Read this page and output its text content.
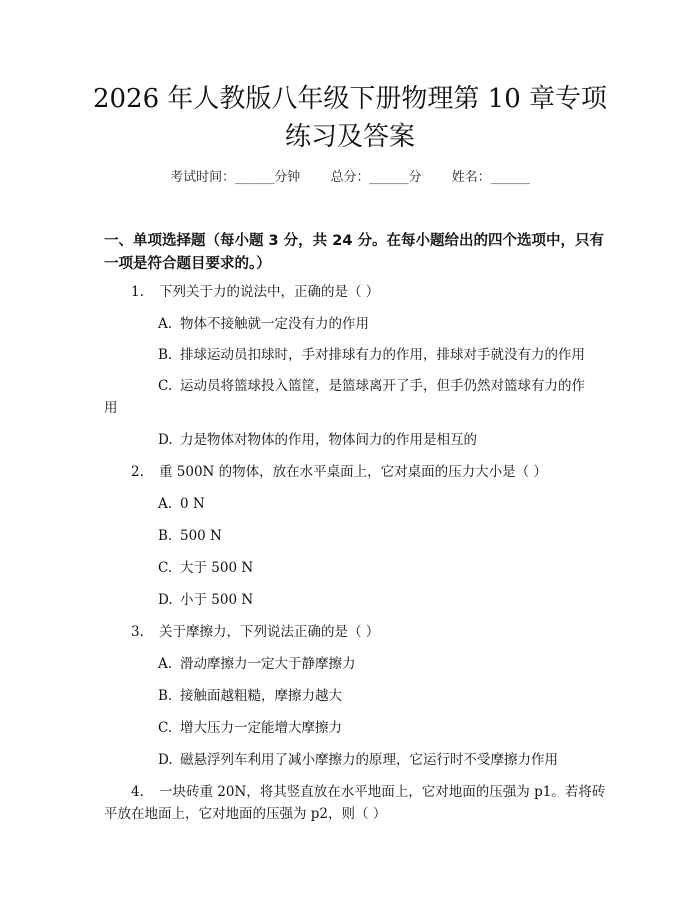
2026 年人教版八年级下册物理第 10 章专项
练习及答案
考试时间：______分钟 总分：______分 姓名：______
一、单项选择题（每小题 3 分，共 24 分。在每小题给出的四个选项中，只有一项是符合题目要求的。）
1. 下列关于力的说法中，正确的是（ ）
A. 物体不接触就一定没有力的作用
B. 排球运动员扣球时，手对排球有力的作用，排球对手就没有力的作用
C. 运动员将篮球投入篮筐，是篮球离开了手，但手仍然对篮球有力的作
用
D. 力是物体对物体的作用，物体间力的作用是相互的
2. 重 500N 的物体，放在水平桌面上，它对桌面的压力大小是（ ）
A. 0 N
B. 500 N
C. 大于 500 N
D. 小于 500 N
3. 关于摩擦力，下列说法正确的是（ ）
A. 滑动摩擦力一定大于静摩擦力
B. 接触面越粗糙，摩擦力越大
C. 增大压力一定能增大摩擦力
D. 磁悬浮列车利用了减小摩擦力的原理，它运行时不受摩擦力作用
4. 一块砖重 20N，将其竖直放在水平地面上，它对地面的压强为 p1。若将砖
平放在地面上，它对地面的压强为 p2，则（ ）
